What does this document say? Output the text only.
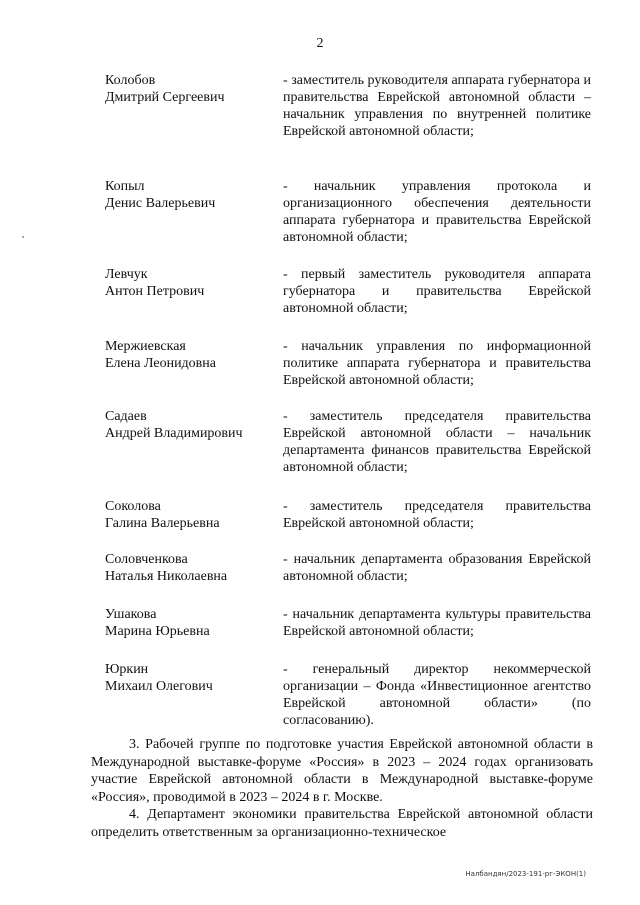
2
Колобов
Дмитрий Сергеевич
- заместитель руководителя аппарата губернатора и правительства Еврейской автономной области – начальник управления по внутренней политике Еврейской автономной области;
Копыл
Денис Валерьевич
- начальник управления протокола и организационного обеспечения деятельности аппарата губернатора и правительства Еврейской автономной области;
Левчук
Антон Петрович
- первый заместитель руководителя аппарата губернатора и правительства Еврейской автономной области;
Мержиевская
Елена Леонидовна
- начальник управления по информационной политике аппарата губернатора и правительства Еврейской автономной области;
Садаев
Андрей Владимирович
- заместитель председателя правительства Еврейской автономной области – начальник департамента финансов правительства Еврейской автономной области;
Соколова
Галина Валерьевна
- заместитель председателя правительства Еврейской автономной области;
Соловченкова
Наталья Николаевна
- начальник департамента образования Еврейской автономной области;
Ушакова
Марина Юрьевна
- начальник департамента культуры правительства Еврейской автономной области;
Юркин
Михаил Олегович
- генеральный директор некоммерческой организации – Фонда «Инвестиционное агентство Еврейской автономной области» (по согласованию).
3. Рабочей группе по подготовке участия Еврейской автономной области в Международной выставке-форуме «Россия» в 2023 – 2024 годах организовать участие Еврейской автономной области в Международной выставке-форуме «Россия», проводимой в 2023 – 2024 в г. Москве.
4. Департамент экономики правительства Еврейской автономной области определить ответственным за организационно-техническое
Налбандян/2023-191-рг-ЭКОН(1)
